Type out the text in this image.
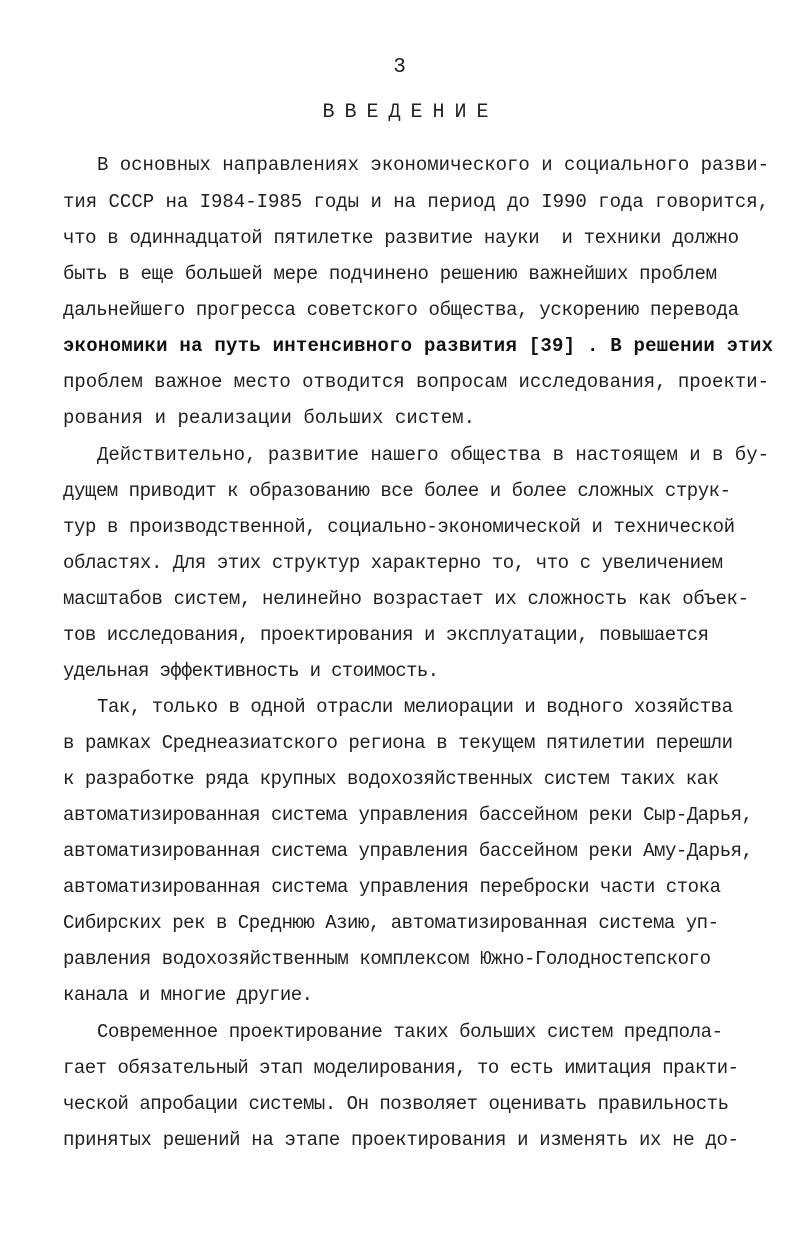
3
ВВЕДЕНИЕ
В основных направлениях экономического и социального разви-
тия СССР на I984-I985 годы и на период до I990 года говорится,
что в одиннадцатой пятилетке развитие науки  и техники должно
быть в еще большей мере подчинено решению важнейших проблем
дальнейшего прогресса советского общества, ускорению перевода
экономики на путь интенсивного развития [39] . В решении этих
проблем важное место отводится вопросам исследования, проекти-
рования и реализации больших систем.
Действительно, развитие нашего общества в настоящем и в бу-
дущем приводит к образованию все более и более сложных струк-
тур в производственной, социально-экономической и технической
областях. Для этих структур характерно то, что с увеличением
масштабов систем, нелинейно возрастает их сложность как объек-
тов исследования, проектирования и эксплуатации, повышается
удельная эффективность и стоимость.
Так, только в одной отрасли мелиорации и водного хозяйства
в рамках Среднеазиатского региона в текущем пятилетии перешли
к разработке ряда крупных водохозяйственных систем таких как
автоматизированная система управления бассейном реки Сыр-Дарья,
автоматизированная система управления бассейном реки Аму-Дарья,
автоматизированная система управления переброски части стока
Сибирских рек в Среднюю Азию, автоматизированная система уп-
равления водохозяйственным комплексом Южно-Голодностепского
канала и многие другие.
Современное проектирование таких больших систем предпола-
гает обязательный этап моделирования, то есть имитация практи-
ческой апробации системы. Он позволяет оценивать правильность
принятых решений на этапе проектирования и изменять их не до-
